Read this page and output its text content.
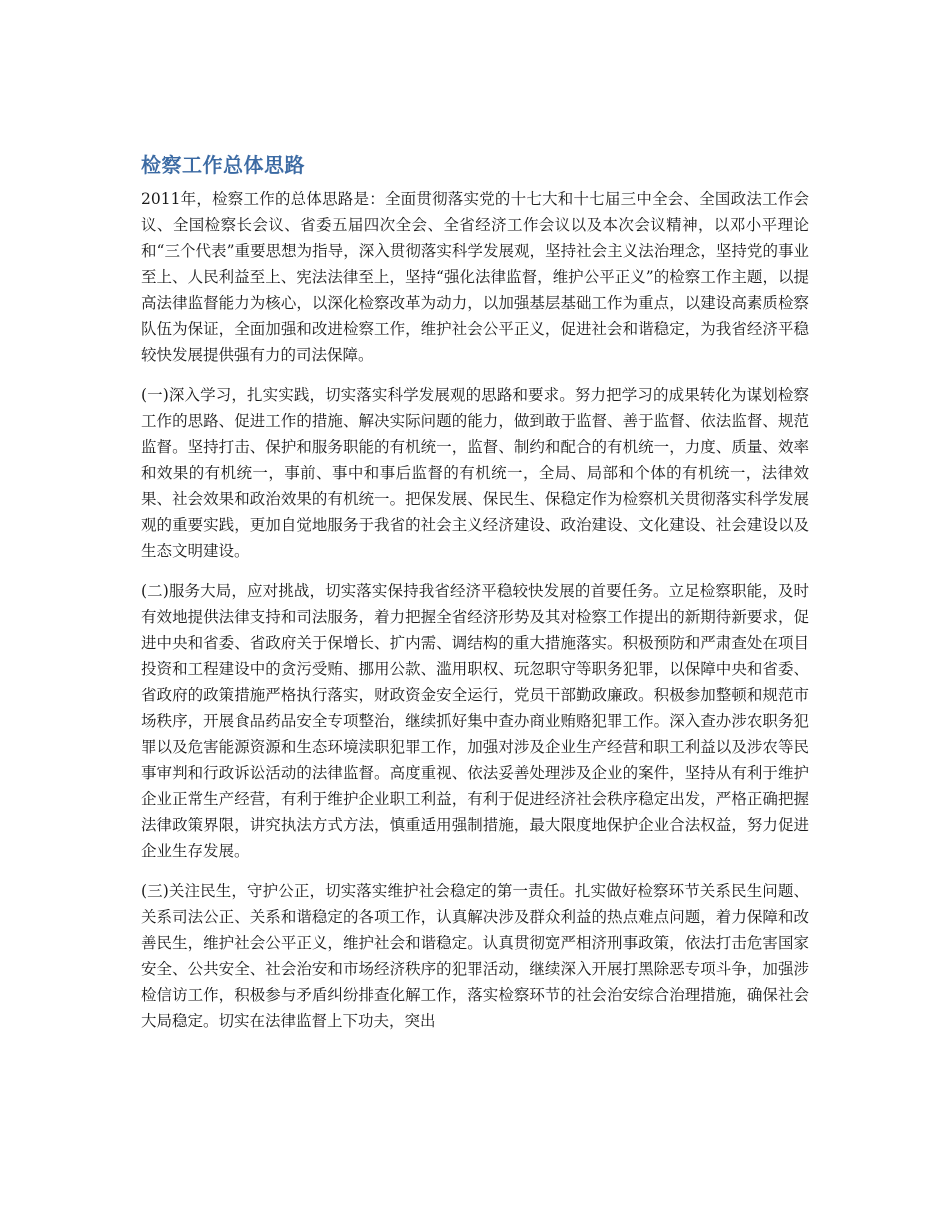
检察工作总体思路

2011年，检察工作的总体思路是：全面贯彻落实党的十七大和十七届三中全会、全国政法工作会议、全国检察长会议、省委五届四次全会、全省经济工作会议以及本次会议精神，以邓小平理论和“三个代表”重要思想为指导，深入贯彻落实科学发展观，坚持社会主义法治理念，坚持党的事业至上、人民利益至上、宪法法律至上，坚持“强化法律监督，维护公平正义”的检察工作主题，以提高法律监督能力为核心，以深化检察改革为动力，以加强基层基础工作为重点，以建设高素质检察队伍为保证，全面加强和改进检察工作，维护社会公平正义，促进社会和谐稳定，为我省经济平稳较快发展提供强有力的司法保障。

(一)深入学习，扎实实践，切实落实科学发展观的思路和要求。努力把学习的成果转化为谋划检察工作的思路、促进工作的措施、解决实际问题的能力，做到敢于监督、善于监督、依法监督、规范监督。坚持打击、保护和服务职能的有机统一，监督、制约和配合的有机统一，力度、质量、效率和效果的有机统一，事前、事中和事后监督的有机统一，全局、局部和个体的有机统一，法律效果、社会效果和政治效果的有机统一。把保发展、保民生、保稳定作为检察机关贯彻落实科学发展观的重要实践，更加自觉地服务于我省的社会主义经济建设、政治建设、文化建设、社会建设以及生态文明建设。

(二)服务大局，应对挑战，切实落实保持我省经济平稳较快发展的首要任务。立足检察职能，及时有效地提供法律支持和司法服务，着力把握全省经济形势及其对检察工作提出的新期待新要求，促进中央和省委、省政府关于保增长、扩内需、调结构的重大措施落实。积极预防和严肃查处在项目投资和工程建设中的贪污受贿、挪用公款、滥用职权、玩忽职守等职务犯罪，以保障中央和省委、省政府的政策措施严格执行落实，财政资金安全运行，党员干部勤政廉政。积极参加整顿和规范市场秩序，开展食品药品安全专项整治，继续抓好集中查办商业贿赂犯罪工作。深入查办涉农职务犯罪以及危害能源资源和生态环境渎职犯罪工作，加强对涉及企业生产经营和职工利益以及涉农等民事审判和行政诉讼活动的法律监督。高度重视、依法妥善处理涉及企业的案件，坚持从有利于维护企业正常生产经营，有利于维护企业职工利益，有利于促进经济社会秩序稳定出发，严格正确把握法律政策界限，讲究执法方式方法，慎重适用强制措施，最大限度地保护企业合法权益，努力促进企业生存发展。

(三)关注民生，守护公正，切实落实维护社会稳定的第一责任。扎实做好检察环节关系民生问题、关系司法公正、关系和谐稳定的各项工作，认真解决涉及群众利益的热点难点问题，着力保障和改善民生，维护社会公平正义，维护社会和谐稳定。认真贯彻宽严相济刑事政策，依法打击危害国家安全、公共安全、社会治安和市场经济秩序的犯罪活动，继续深入开展打黑除恶专项斗争，加强涉检信访工作，积极参与矛盾纠纷排查化解工作，落实检察环节的社会治安综合治理措施，确保社会大局稳定。切实在法律监督上下功夫，突出
